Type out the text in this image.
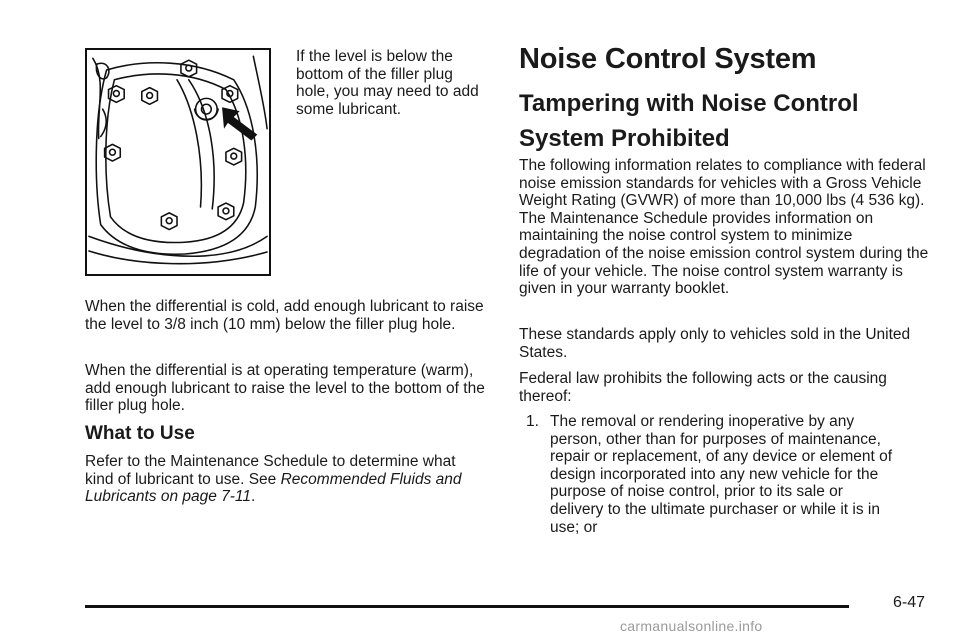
If the level is below the bottom of the filler plug hole, you may need to add some lubricant.

When the differential is cold, add enough lubricant to raise the level to 3/8 inch (10 mm) below the filler plug hole.

When the differential is at operating temperature (warm), add enough lubricant to raise the level to the bottom of the filler plug hole.

What to Use

Refer to the Maintenance Schedule to determine what kind of lubricant to use. See Recommended Fluids and Lubricants on page 7-11.

Noise Control System
Tampering with Noise Control System Prohibited

The following information relates to compliance with federal noise emission standards for vehicles with a Gross Vehicle Weight Rating (GVWR) of more than 10,000 lbs (4 536 kg). The Maintenance Schedule provides information on maintaining the noise control system to minimize degradation of the noise emission control system during the life of your vehicle. The noise control system warranty is given in your warranty booklet.

These standards apply only to vehicles sold in the United States.

Federal law prohibits the following acts or the causing thereof:

1. The removal or rendering inoperative by any person, other than for purposes of maintenance, repair or replacement, of any device or element of design incorporated into any new vehicle for the purpose of noise control, prior to its sale or delivery to the ultimate purchaser or while it is in use; or

6-47
carmanualsonline.info
